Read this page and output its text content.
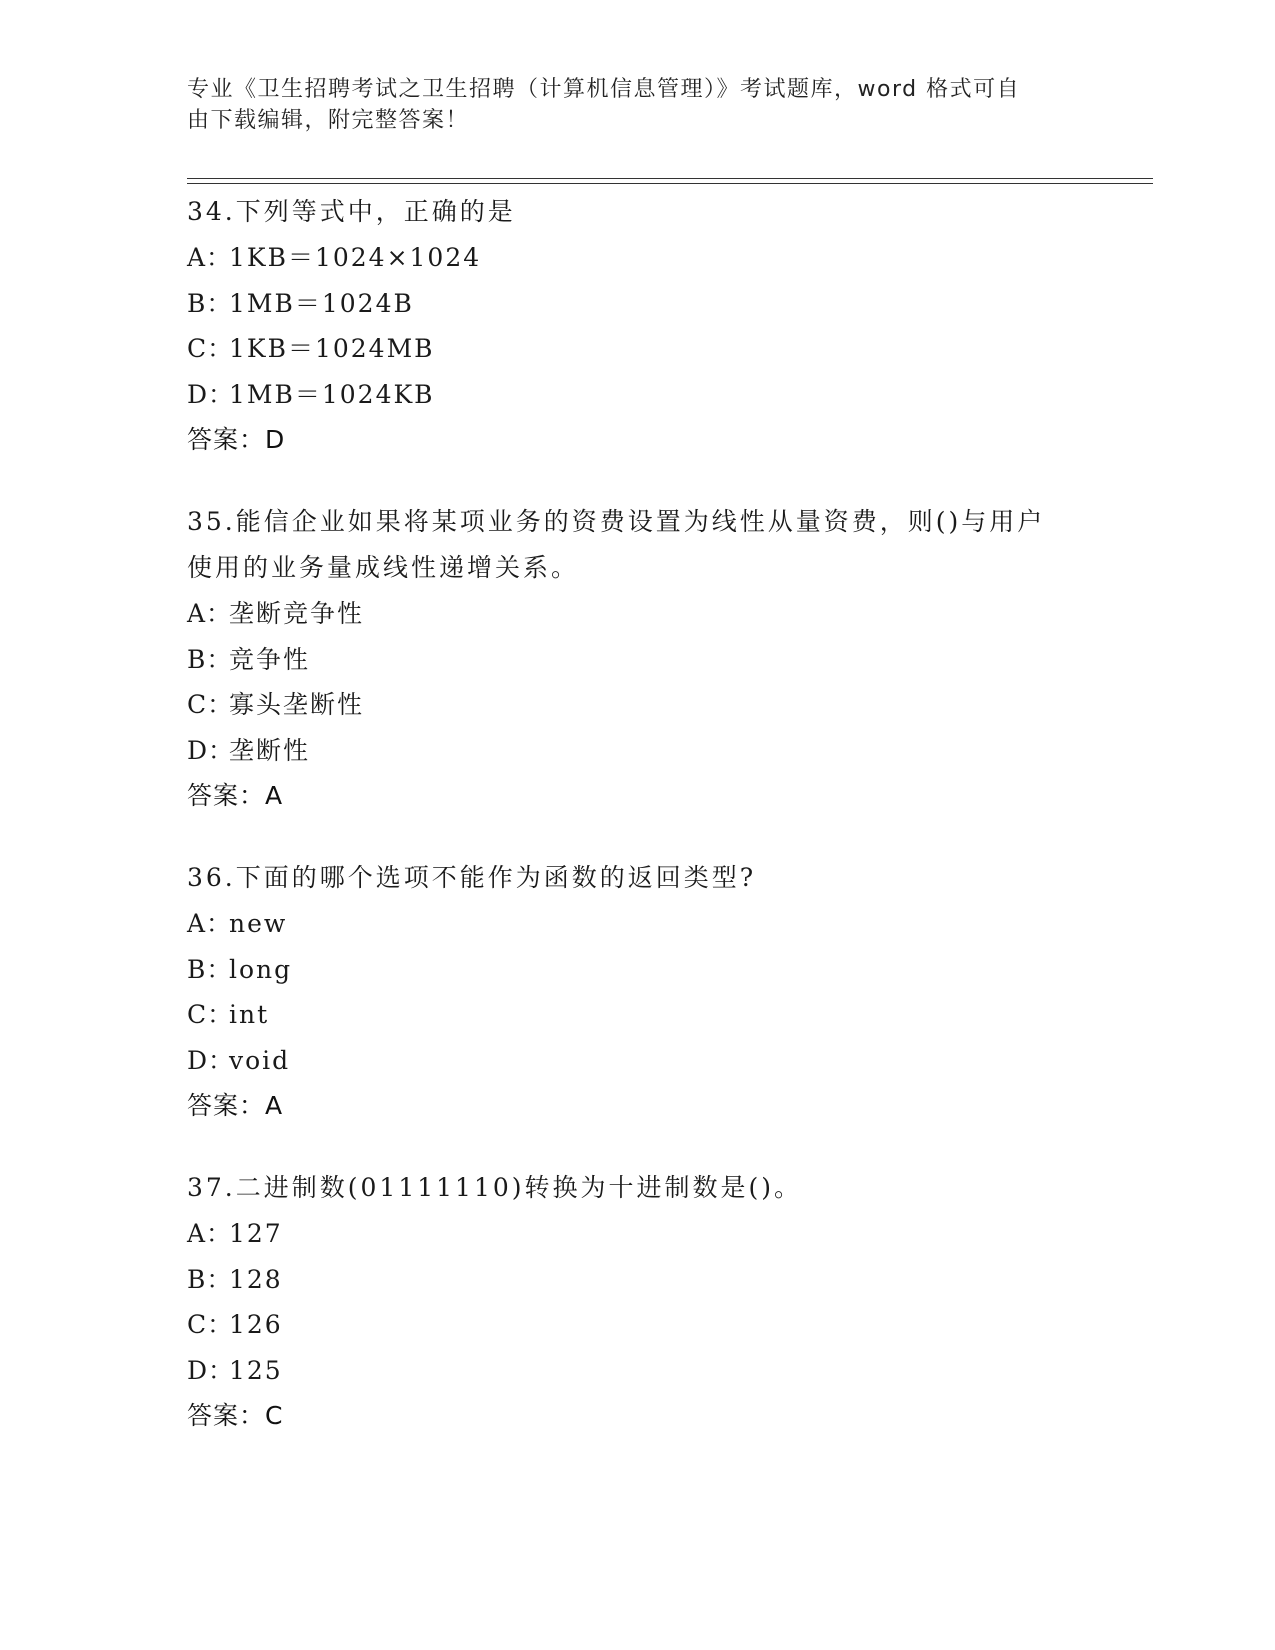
专业《卫生招聘考试之卫生招聘（计算机信息管理）》考试题库，word 格式可自
由下载编辑，附完整答案！
34.下列等式中，正确的是
A：
1KB＝1024×1024
B：
1MB＝1024B
C：
1KB＝1024MB
D：
1MB＝1024KB
答案：D
35.能信企业如果将某项业务的资费设置为线性从量资费，则()与用户使用的业务量成线性递增关系。
A：
垄断竞争性
B：
竞争性
C：
寡头垄断性
D：
垄断性
答案：A
36.下面的哪个选项不能作为函数的返回类型?
A：
new
B：
long
C：
int
D：
void
答案：A
37.二进制数(01111110)转换为十进制数是()。
A：
127
B：
128
C：
126
D：
125
答案：C
